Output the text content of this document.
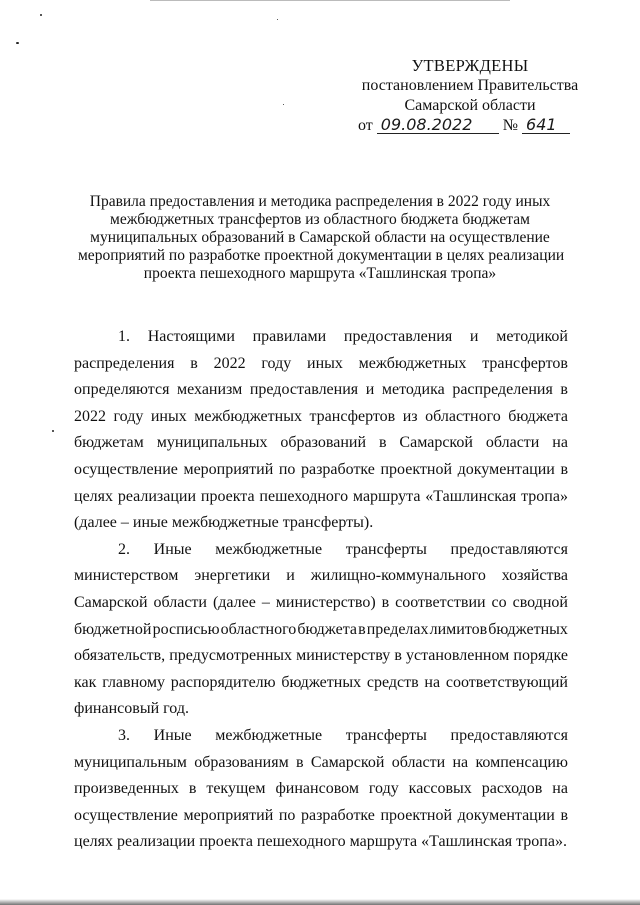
УТВЕРЖДЕНЫ
постановлением Правительства
Самарской области
от 09.08.2022 № 641
Правила предоставления и методика распределения в 2022 году иных
межбюджетных трансфертов из областного бюджета бюджетам
муниципальных образований в Самарской области на осуществление
мероприятий по разработке проектной документации в целях реализации
проекта пешеходного маршрута «Ташлинская тропа»
1. Настоящими правилами предоставления и методикой
распределения в 2022 году иных межбюджетных трансфертов
определяются механизм предоставления и методика распределения в
2022 году иных межбюджетных трансфертов из областного бюджета
бюджетам муниципальных образований в Самарской области на
осуществление мероприятий по разработке проектной документации в
целях реализации проекта пешеходного маршрута «Ташлинская тропа»
(далее – иные межбюджетные трансферты).
2. Иные межбюджетные трансферты предоставляются
министерством энергетики и жилищно-коммунального хозяйства
Самарской области (далее – министерство) в соответствии со сводной
бюджетной росписью областного бюджета в пределах лимитов бюджетных
обязательств, предусмотренных министерству в установленном порядке
как главному распорядителю бюджетных средств на соответствующий
финансовый год.
3. Иные межбюджетные трансферты предоставляются
муниципальным образованиям в Самарской области на компенсацию
произведенных в текущем финансовом году кассовых расходов на
осуществление мероприятий по разработке проектной документации в
целях реализации проекта пешеходного маршрута «Ташлинская тропа».
